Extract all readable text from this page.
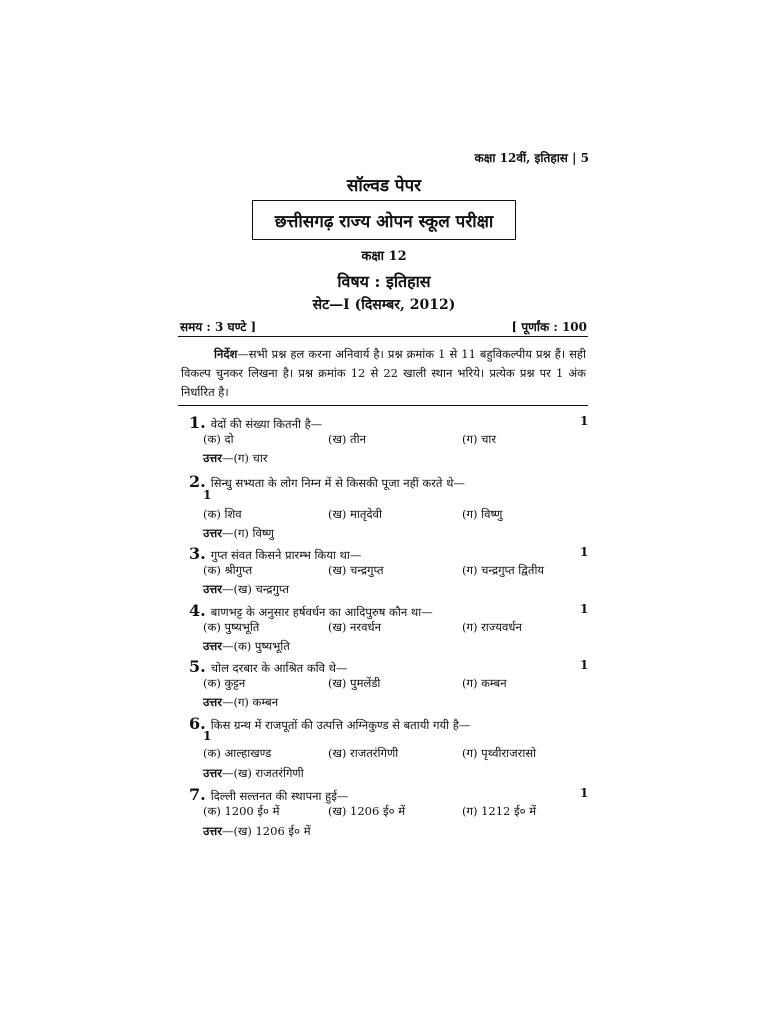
कक्षा 12वीं, इतिहास | 5
सॉल्वड पेपर
छत्तीसगढ़ राज्य ओपन स्कूल परीक्षा
कक्षा 12
विषय : इतिहास
सेट—I (दिसम्बर, 2012)
समय : 3 घण्टे ]	[ पूर्णांक : 100
निर्देश—सभी प्रश्न हल करना अनिवार्य है। प्रश्न क्रमांक 1 से 11 बहुविकल्पीय प्रश्न हैं। सही विकल्प चुनकर लिखना है। प्रश्न क्रमांक 12 से 22 खाली स्थान भरिये। प्रत्येक प्रश्न पर 1 अंक निर्धारित है।
1. वेदों की संख्या कितनी है—	1
(क) दो	(ख) तीन	(ग) चार
उत्तर—(ग) चार
2. सिन्धु सभ्यता के लोग निम्न में से किसकी पूजा नहीं करते थे—
1
(क) शिव	(ख) मातृदेवी	(ग) विष्णु
उत्तर—(ग) विष्णु
3. गुप्त संवत किसने प्रारम्भ किया था—	1
(क) श्रीगुप्त	(ख) चन्द्रगुप्त	(ग) चन्द्रगुप्त द्वितीय
उत्तर—(ख) चन्द्रगुप्त
4. बाणभट्ट के अनुसार हर्षवर्धन का आदिपुरुष कौन था—	1
(क) पुष्यभूति	(ख) नरवर्धन	(ग) राज्यवर्धन
उत्तर—(क) पुष्यभूति
5. चोल दरबार के आश्रित कवि थे—	1
(क) कुट्टन	(ख) पुमलेंडी	(ग) कम्बन
उत्तर—(ग) कम्बन
6. किस ग्रन्थ में राजपूतों की उत्पत्ति अग्निकुण्ड से बतायी गयी है—
1
(क) आल्हाखण्ड	(ख) राजतरंगिणी	(ग) पृथ्वीराजरासो
उत्तर—(ख) राजतरंगिणी
7. दिल्ली सल्तनत की स्थापना हुई—	1
(क) 1200 ई० में	(ख) 1206 ई० में	(ग) 1212 ई० में
उत्तर—(ख) 1206 ई० में
